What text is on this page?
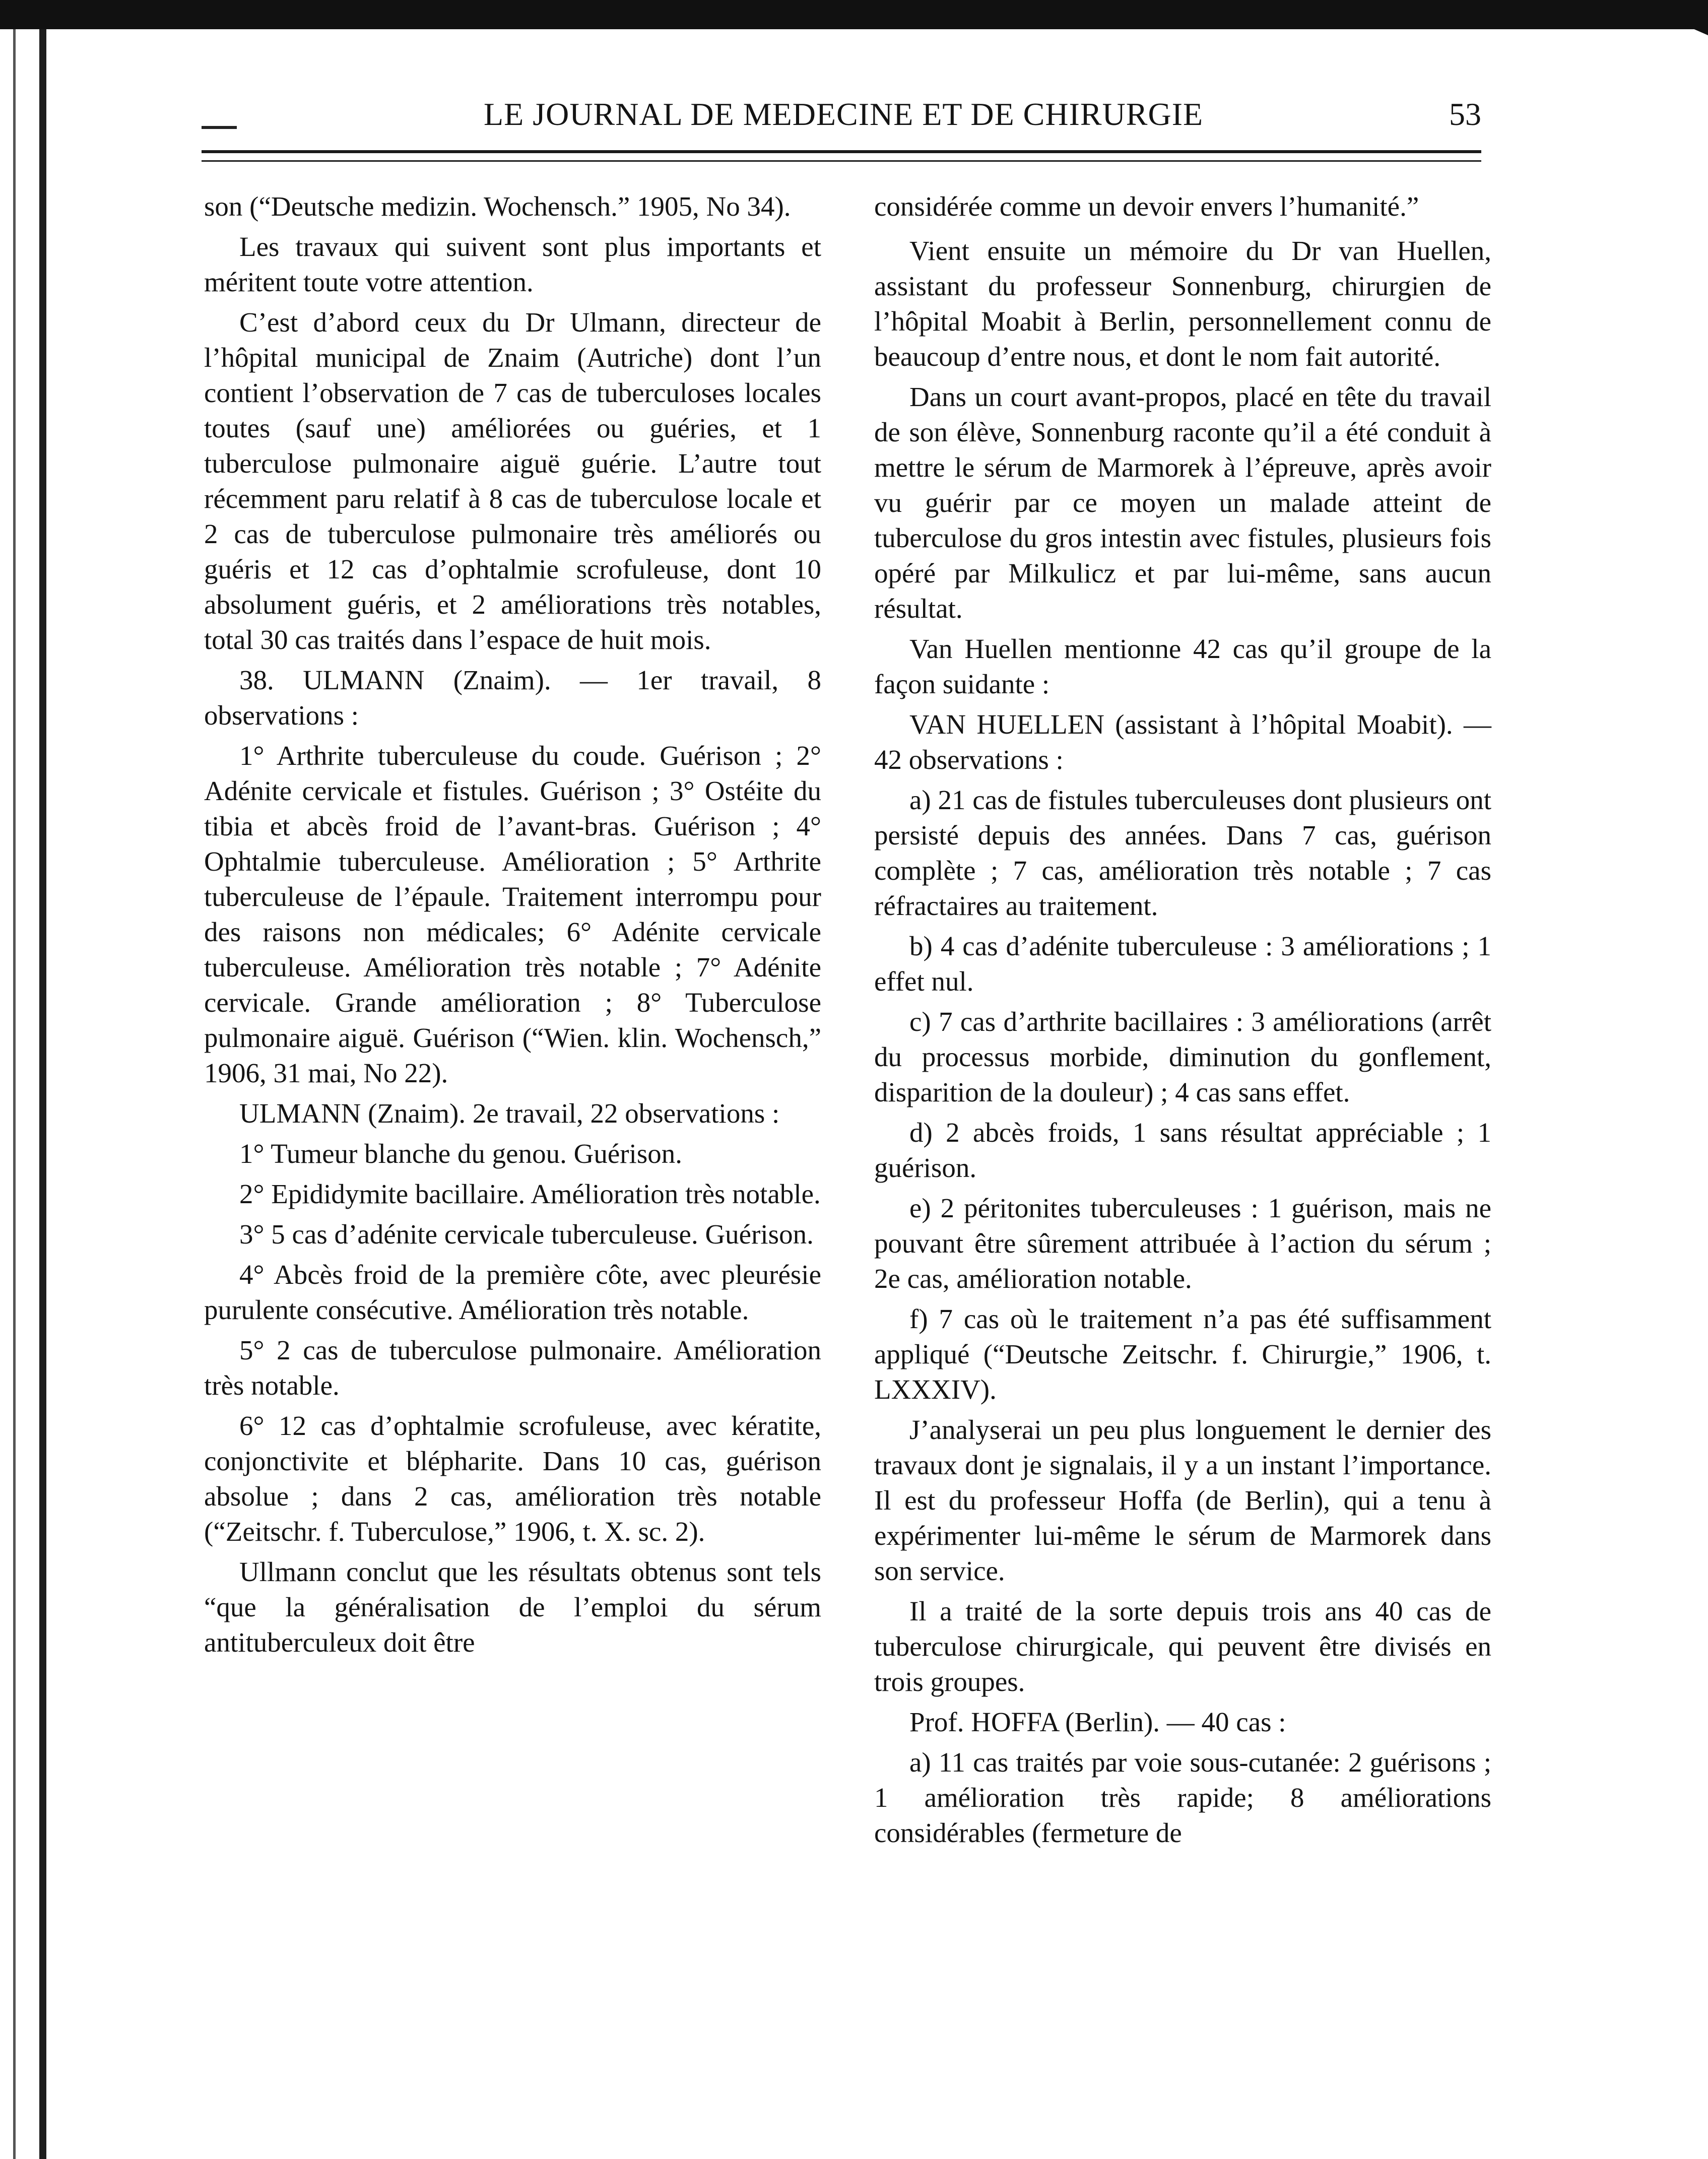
LE JOURNAL DE MEDECINE ET DE CHIRURGIE	53

son (“Deutsche medizin. Wochensch.” 1905, No 34).

Les travaux qui suivent sont plus importants et méritent toute votre attention.

C’est d’abord ceux du Dr Ulmann, directeur de l’hôpital municipal de Znaim (Autriche) dont l’un contient l’observation de 7 cas de tuberculoses locales toutes (sauf une) améliorées ou guéries, et 1 tuberculose pulmonaire aiguë guérie. L’autre tout récemment paru relatif à 8 cas de tuberculose locale et 2 cas de tuberculose pulmonaire très améliorés ou guéris et 12 cas d’ophtalmie scrofuleuse, dont 10 absolument guéris, et 2 améliorations très notables, total 30 cas traités dans l’espace de huit mois.

38. ULMANN (Znaim). — 1er travail, 8 observations :

1° Arthrite tuberculeuse du coude. Guérison ; 2° Adénite cervicale et fistules. Guérison ; 3° Ostéite du tibia et abcès froid de l’avant-bras. Guérison ; 4° Ophtalmie tuberculeuse. Amélioration ; 5° Arthrite tuberculeuse de l’épaule. Traitement interrompu pour des raisons non médicales; 6° Adénite cervicale tuberculeuse. Amélioration très notable ; 7° Adénite cervicale. Grande amélioration ; 8° Tuberculose pulmonaire aiguë. Guérison (“Wien. klin. Wochensch,” 1906, 31 mai, No 22).

ULMANN (Znaim). 2e travail, 22 observations :

1° Tumeur blanche du genou. Guérison.

2° Epididymite bacillaire. Amélioration très notable.

3° 5 cas d’adénite cervicale tuberculeuse. Guérison.

4° Abcès froid de la première côte, avec pleurésie purulente consécutive. Amélioration très notable.

5° 2 cas de tuberculose pulmonaire. Amélioration très notable.

6° 12 cas d’ophtalmie scrofuleuse, avec kératite, conjonctivite et blépharite. Dans 10 cas, guérison absolue ; dans 2 cas, amélioration très notable (“Zeitschr. f. Tuberculose,” 1906, t. X. sc. 2).

Ullmann conclut que les résultats obtenus sont tels “que la généralisation de l’emploi du sérum antituberculeux doit être

considérée comme un devoir envers l’humanité.”

Vient ensuite un mémoire du Dr van Huellen, assistant du professeur Sonnenburg, chirurgien de l’hôpital Moabit à Berlin, personnellement connu de beaucoup d’entre nous, et dont le nom fait autorité.

Dans un court avant-propos, placé en tête du travail de son élève, Sonnenburg raconte qu’il a été conduit à mettre le sérum de Marmorek à l’épreuve, après avoir vu guérir par ce moyen un malade atteint de tuberculose du gros intestin avec fistules, plusieurs fois opéré par Milkulicz et par lui-même, sans aucun résultat.

Van Huellen mentionne 42 cas qu’il groupe de la façon suidante :

VAN HUELLEN (assistant à l’hôpital Moabit). — 42 observations :

a) 21 cas de fistules tuberculeuses dont plusieurs ont persisté depuis des années. Dans 7 cas, guérison complète ; 7 cas, amélioration très notable ; 7 cas réfractaires au traitement.

b) 4 cas d’adénite tuberculeuse : 3 améliorations ; 1 effet nul.

c) 7 cas d’arthrite bacillaires : 3 améliorations (arrêt du processus morbide, diminution du gonflement, disparition de la douleur) ; 4 cas sans effet.

d) 2 abcès froids, 1 sans résultat appréciable ; 1 guérison.

e) 2 péritonites tuberculeuses : 1 guérison, mais ne pouvant être sûrement attribuée à l’action du sérum ; 2e cas, amélioration notable.

f) 7 cas où le traitement n’a pas été suffisamment appliqué (“Deutsche Zeitschr. f. Chirurgie,” 1906, t. LXXXIV).

J’analyserai un peu plus longuement le dernier des travaux dont je signalais, il y a un instant l’importance. Il est du professeur Hoffa (de Berlin), qui a tenu à expérimenter lui-même le sérum de Marmorek dans son service.

Il a traité de la sorte depuis trois ans 40 cas de tuberculose chirurgicale, qui peuvent être divisés en trois groupes.

Prof. HOFFA (Berlin). — 40 cas :

a) 11 cas traités par voie sous-cutanée: 2 guérisons ; 1 amélioration très rapide; 8 améliorations considérables (fermeture de
